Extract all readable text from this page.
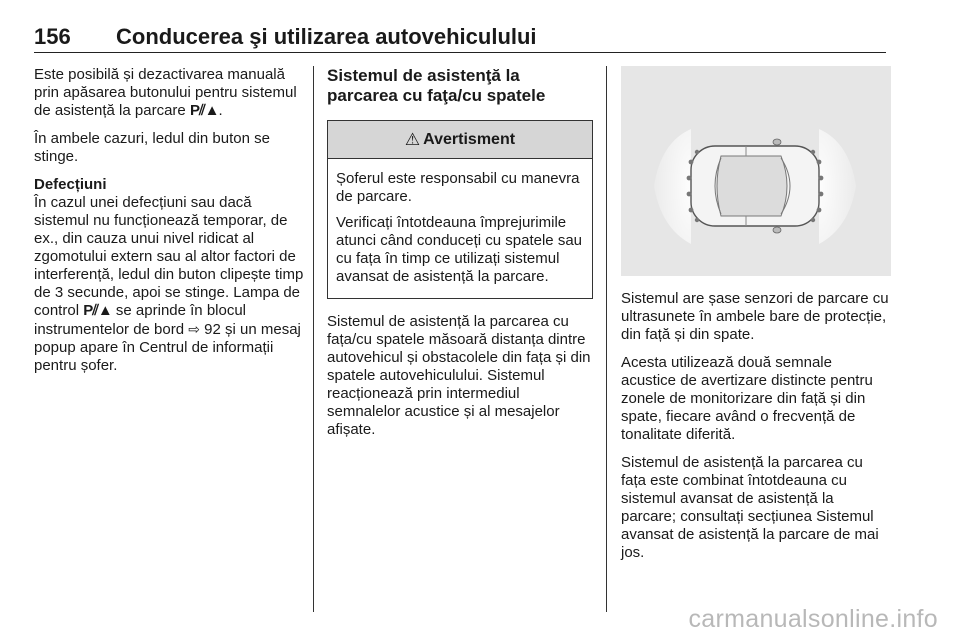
156 Conducerea şi utilizarea autovehiculului

Este posibilă și dezactivarea manuală prin apăsarea butonului pentru sistemul de asistență la parcare P⫽▲.

În ambele cazuri, ledul din buton se stinge.

Defecțiuni
În cazul unei defecțiuni sau dacă sistemul nu funcționează temporar, de ex., din cauza unui nivel ridicat al zgomotului extern sau al altor factori de interferență, ledul din buton clipește timp de 3 secunde, apoi se stinge. Lampa de control P⫽▲ se aprinde în blocul instrumentelor de bord ⇨ 92 și un mesaj popup apare în Centrul de informații pentru șofer.

Sistemul de asistenţă la parcarea cu faţa/cu spatele
⚠ Avertisment

Șoferul este responsabil cu manevra de parcare.

Verificați întotdeauna împrejurimile atunci când conduceți cu spatele sau cu fața în timp ce utilizați sistemul avansat de asistență la parcare.

Sistemul de asistență la parcarea cu fața/cu spatele măsoară distanța dintre autovehicul și obstacolele din fața și din spatele autovehiculului. Sistemul reacționează prin intermediul semnalelor acustice și al mesajelor afișate.

Sistemul are șase senzori de parcare cu ultrasunete în ambele bare de protecție, din față și din spate.

Acesta utilizează două semnale acustice de avertizare distincte pentru zonele de monitorizare din față și din spate, fiecare având o frecvență de tonalitate diferită.

Sistemul de asistență la parcarea cu fața este combinat întotdeauna cu sistemul avansat de asistență la parcare; consultați secțiunea Sistemul avansat de asistență la parcare de mai jos.

carmanualsonline.info
